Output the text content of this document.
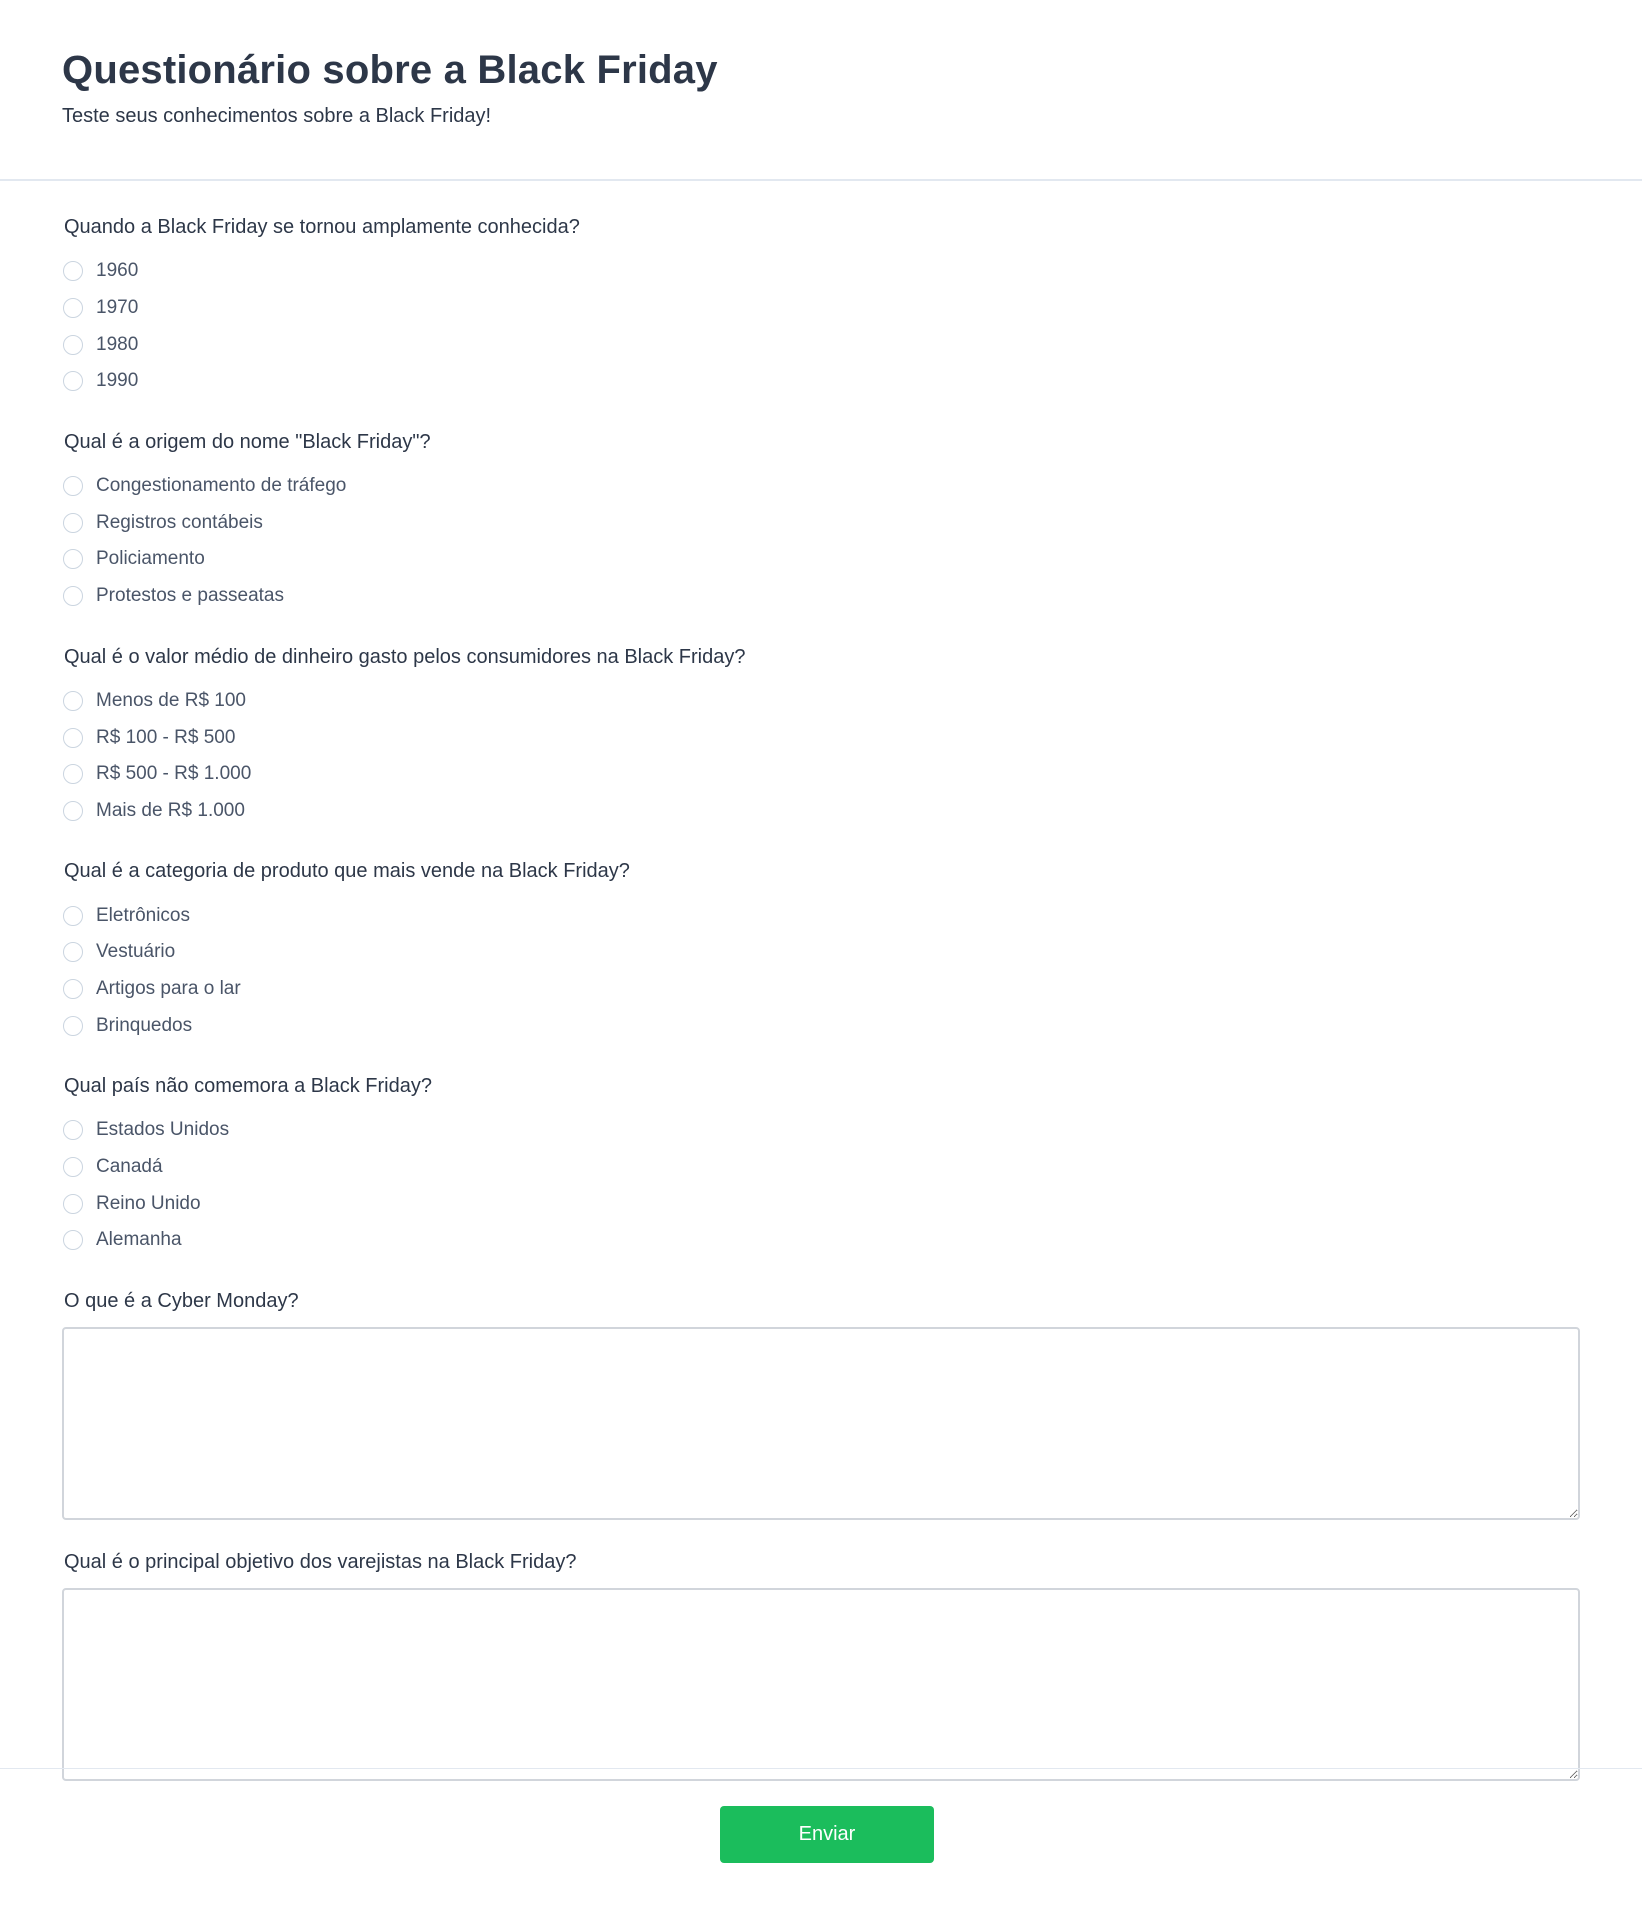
Questionário sobre a Black Friday

Teste seus conhecimentos sobre a Black Friday!

Quando a Black Friday se tornou amplamente conhecida?
1960
1970
1980
1990
Qual é a origem do nome "Black Friday"?
Congestionamento de tráfego
Registros contábeis
Policiamento
Protestos e passeatas
Qual é o valor médio de dinheiro gasto pelos consumidores na Black Friday?
Menos de R$ 100
R$ 100 - R$ 500
R$ 500 - R$ 1.000
Mais de R$ 1.000
Qual é a categoria de produto que mais vende na Black Friday?
Eletrônicos
Vestuário
Artigos para o lar
Brinquedos
Qual país não comemora a Black Friday?
Estados Unidos
Canadá
Reino Unido
Alemanha
O que é a Cyber Monday?
Qual é o principal objetivo dos varejistas na Black Friday?
Enviar
